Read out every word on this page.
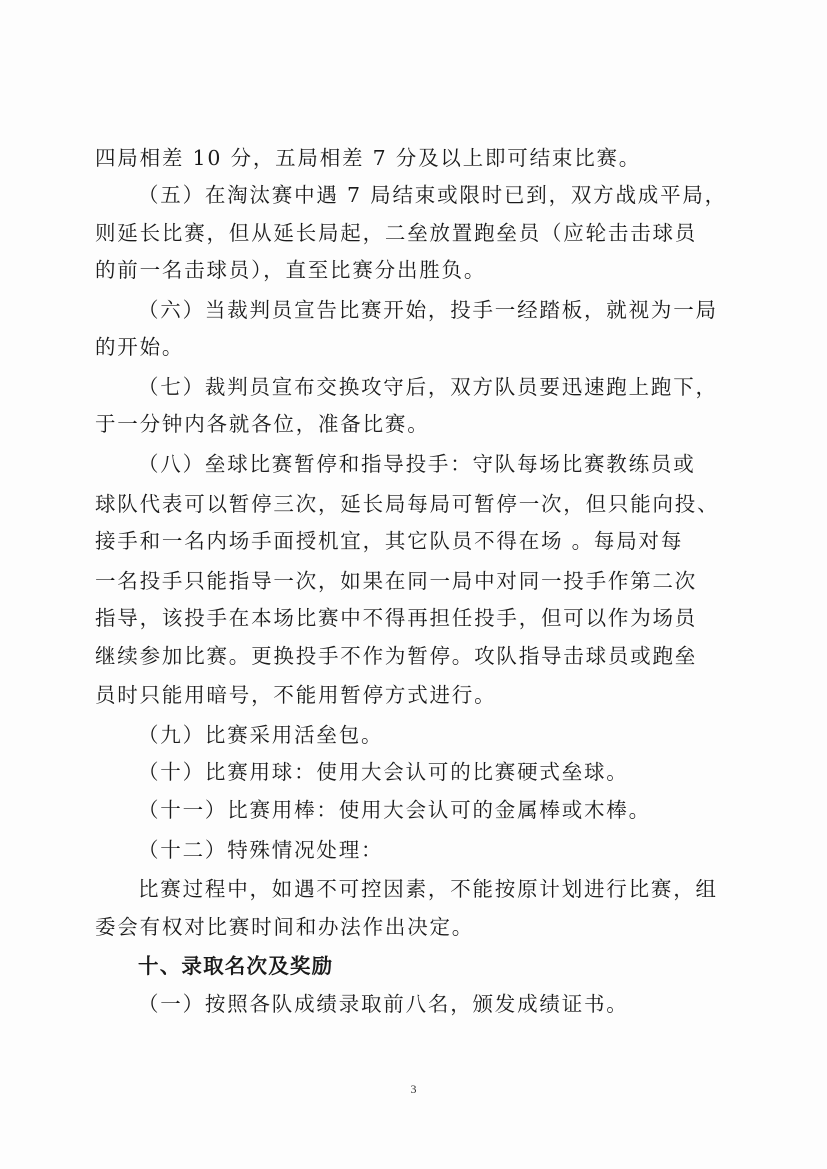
四局相差 10 分，五局相差 7 分及以上即可结束比赛。
（五）在淘汰赛中遇 7 局结束或限时已到，双方战成平局，
则延长比赛，但从延长局起，二垒放置跑垒员（应轮击击球员
的前一名击球员），直至比赛分出胜负。
（六）当裁判员宣告比赛开始，投手一经踏板，就视为一局
的开始。
（七）裁判员宣布交换攻守后，双方队员要迅速跑上跑下，
于一分钟内各就各位，准备比赛。
（八）垒球比赛暂停和指导投手：守队每场比赛教练员或
球队代表可以暂停三次，延长局每局可暂停一次，但只能向投、
接手和一名内场手面授机宜，其它队员不得在场 。每局对每
一名投手只能指导一次，如果在同一局中对同一投手作第二次
指导，该投手在本场比赛中不得再担任投手，但可以作为场员
继续参加比赛。更换投手不作为暂停。攻队指导击球员或跑垒
员时只能用暗号，不能用暂停方式进行。
（九）比赛采用活垒包。
（十）比赛用球：使用大会认可的比赛硬式垒球。
（十一）比赛用棒：使用大会认可的金属棒或木棒。
（十二）特殊情况处理：
比赛过程中，如遇不可控因素，不能按原计划进行比赛，组
委会有权对比赛时间和办法作出决定。
十、录取名次及奖励
（一）按照各队成绩录取前八名，颁发成绩证书。
3
